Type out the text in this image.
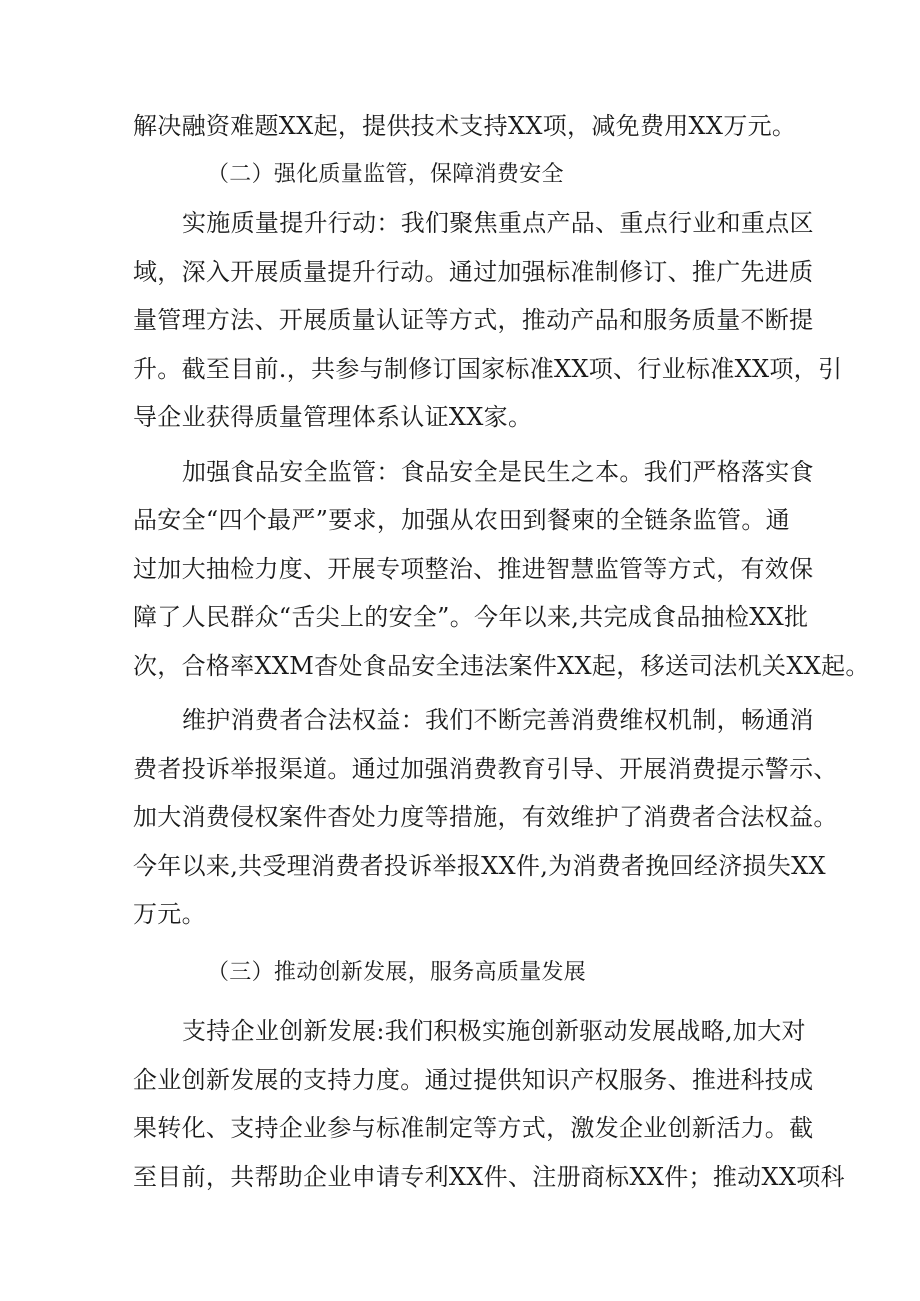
解决融资难题XX起，提供技术支持XX项，减免费用XX万元。
（二）强化质量监管，保障消费安全
实施质量提升行动：我们聚焦重点产品、重点行业和重点区
域，深入开展质量提升行动。通过加强标准制修订、推广先进质
量管理方法、开展质量认证等方式，推动产品和服务质量不断提
升。截至目前.，共参与制修订国家标准XX项、行业标准XX项，引
导企业获得质量管理体系认证XX家。
加强食品安全监管：食品安全是民生之本。我们严格落实食
品安全“四个最严”要求，加强从农田到餐柬的全链条监管。通
过加大抽检力度、开展专项整治、推进智慧监管等方式，有效保
障了人民群众“舌尖上的安全”。今年以来,共完成食品抽检XX批
次，合格率XXM杳处食品安全违法案件XX起，移送司法机关XX起。
维护消费者合法权益：我们不断完善消费维权机制，畅通消
费者投诉举报渠道。通过加强消费教育引导、开展消费提示警示、
加大消费侵权案件杳处力度等措施，有效维护了消费者合法权益。
今年以来,共受理消费者投诉举报XX件,为消费者挽回经济损失XX
万元。
（三）推动创新发展，服务高质量发展
支持企业创新发展:我们积极实施创新驱动发展战略,加大对
企业创新发展的支持力度。通过提供知识产权服务、推进科技成
果转化、支持企业参与标准制定等方式，激发企业创新活力。截
至目前，共帮助企业申请专利XX件、注册商标XX件；推动XX项科
